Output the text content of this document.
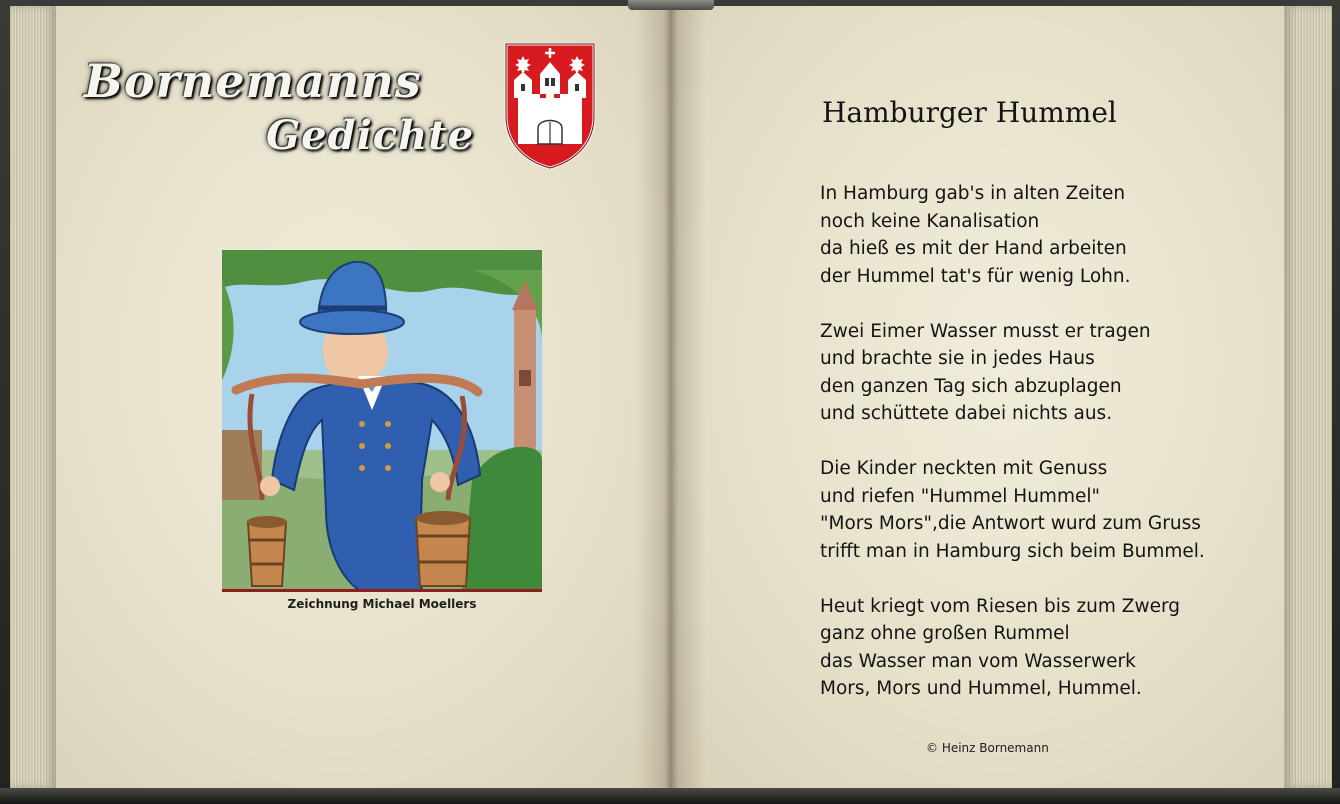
Bornemanns
Gedichte
Zeichnung Michael Moellers
Hamburger Hummel
In Hamburg gab's in alten Zeiten
noch keine Kanalisation
da hieß es mit der Hand arbeiten
der Hummel tat's für wenig Lohn.
Zwei Eimer Wasser musst er tragen
und brachte sie in jedes Haus
den ganzen Tag sich abzuplagen
und schüttete dabei nichts aus.
Die Kinder neckten mit Genuss
und riefen "Hummel Hummel"
"Mors Mors",die Antwort wurd zum Gruss
trifft man in Hamburg sich beim Bummel.
Heut kriegt vom Riesen bis zum Zwerg
ganz ohne großen Rummel
das Wasser man vom Wasserwerk
Mors, Mors und Hummel, Hummel.
© Heinz Bornemann
